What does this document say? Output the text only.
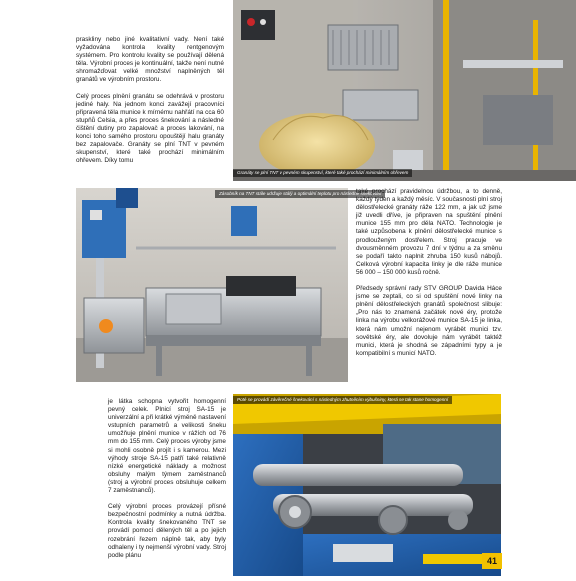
praskliny nebo jiné kvalitativní vady. Není také vyžadována kontrola kvality rentgenovým systémem. Pro kontrolu kvality se používají dělená těla. Výrobní proces je kontinuální, takže není nutné shromažďovat velké množství naplněných těl granátů ve výrobním prostoru.

Celý proces plnění granátu se odehrává v prostoru jediné haly. Na jednom konci zavážejí pracovníci připravená těla munice k mírnému nahřátí na cca 60 stupňů Celsia, a přes proces šnekování a následné čištění dutiny pro zapalovač a proces lakování, na konci toho samého prostoru opouštějí halu granáty bez zapalovače. Granáty se plní TNT v pevném skupenství, které také prochází minimálním ohřevem. Díky tomu

Granáty se plní TNT v pevném skupenství, které také prochází minimálním ohřevem
Zásobník na TNT stále udržuje stálý a optimální teplotu pro následné šnekování

také prochází pravidelnou údržbou, a to denně, každý týden a každý měsíc. V současnosti plní stroj dělostřelecké granáty ráže 122 mm, a jak už jsme již uvedli dříve, je připraven na spuštění plnění munice 155 mm pro děla NATO. Technologie je také uzpůsobena k plnění dělostřelecké munice s prodlouženým dostřelem. Stroj pracuje ve dvousměnném provozu 7 dní v týdnu a za směnu se podaří takto naplnit zhruba 150 kusů nábojů. Celková výrobní kapacita linky je dle ráže munice 56 000 – 150 000 kusů ročně.

Předsedy správní rady STV GROUP Davida Háce jsme se zeptali, co si od spuštění nové linky na plnění dělostřeleckých granátů společnost slibuje: „Pro nás to znamená začátek nové éry, protože linka na výrobu velkorážové munice SA-15 je linka, která nám umožní nejenom vyrábět munici tzv. sovětské éry, ale dovoluje nám vyrábět taktéž munici, která je shodná se západními typy a je kompatibilní s municí NATO.

je látka schopna vytvořit homogenní pevný celek. Plnicí stroj SA-15 je univerzální a při krátké výměně nastavení vstupních parametrů a velikosti šneku umožňuje plnění munice v rážích od 76 mm do 155 mm. Celý proces výroby jsme si mohli osobně projít i s kamerou. Mezi výhody stroje SA-15 patří také relativně nízké energetické náklady a možnost obsluhy malým týmem zaměstnanců (stroj a výrobní proces obsluhuje celkem 7 zaměstnanců).

Celý výrobní proces provázejí přísné bezpečnostní podmínky a nutná údržba. Kontrola kvality šnekovaného TNT se provádí pomocí dělených těl a po jejich rozebrání řezem náplně tak, aby byly odhaleny i ty nejmenší výrobní vady. Stroj podle plánu

Poté se provádí závěrečné šnekování s následným zhutněním výbušniny, která se tak stane homogenní
41
